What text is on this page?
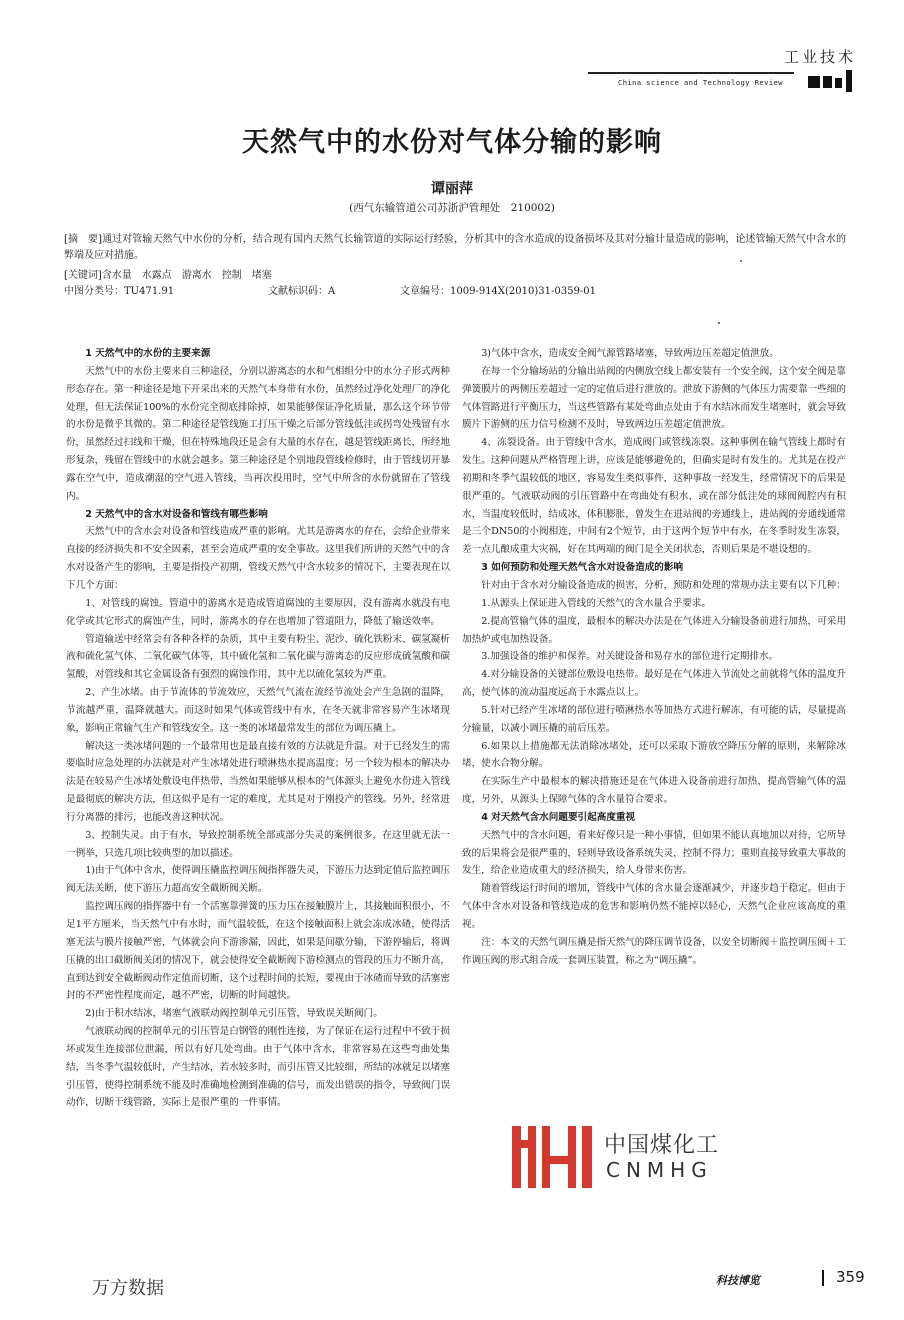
工业技术
China science and Technology Review
天然气中的水份对气体分输的影响
谭丽萍
(西气东输管道公司苏浙沪管理处　210002)
[摘　要]通过对管输天然气中水份的分析，结合现有国内天然气长输管道的实际运行经验，分析其中的含水造成的设备损坏及其对分输计量造成的影响，论述管输天然气中含水的弊端及应对措施。
[关键词]含水量　水露点　游离水　控制　堵塞
中图分类号：TU471.91	文献标识码：A	文章编号：1009-914X(2010)31-0359-01
1 天然气中的水份的主要来源

天然气中的水份主要来自三种途径，分别以游离态的水和气相组分中的水分子形式两种形态存在。第一种途径是地下开采出来的天然气本身带有水份，虽然经过净化处理厂的净化处理，但无法保证100%的水份完全彻底排除掉，如果能够保证净化质量，那么这个环节带的水份是微乎其微的。第二种途径是管线施工打压干燥之后部分管线低洼或拐弯处残留有水份，虽然经过扫线和干燥，但在特殊地段还是会有大量的水存在，越是管线距离长，所经地形复杂，残留在管线中的水就会越多。第三种途径是个别地段管线检修时，由于管线切开暴露在空气中，造成潮湿的空气进入管线，当再次投用时，空气中所含的水份就留在了管线内。

2 天然气中的含水对设备和管线有哪些影响

天然气中的含水会对设备和管线造成严重的影响。尤其是游离水的存在，会给企业带来直接的经济损失和不安全因素，甚至会造成严重的安全事故。这里我们所讲的天然气中的含水对设备产生的影响，主要是指投产初期，管线天然气中含水较多的情况下，主要表现在以下几个方面：

1、对管线的腐蚀。管道中的游离水是造成管道腐蚀的主要原因，没有游离水就没有电化学或其它形式的腐蚀产生，同时，游离水的存在也增加了管道阻力，降低了输送效率。

管道输送中经常会有各种各样的杂质，其中主要有粉尘、泥沙、硫化铁粉末、碳氢凝析液和硫化氢气体、二氧化碳气体等，其中硫化氢和二氧化碳与游离态的反应形成硫氢酸和碳氢酸，对管线和其它金属设备有强烈的腐蚀作用，其中尤以硫化氢较为严重。

2、产生冰堵。由于节流体的节流效应，天然气气流在流经节流处会产生急剧的温降，节流越严重，温降就越大。而这时如果气体或管线中有水，在冬天就非常容易产生冰堵现象，影响正常输气生产和管线安全。这一类的冰堵最常发生的部位为调压撬上。

解决这一类冰堵问题的一个最常用也是最直接有效的方法就是升温。对于已经发生的需要临时应急处理的办法就是对产生冰堵处进行喷淋热水提高温度；另一个较为根本的解决办法是在较易产生冰堵处敷设电伴热带，当然如果能够从根本的气体源头上避免水份进入管线是最彻底的解决方法，但这似乎是有一定的难度，尤其是对于刚投产的管线。另外，经常进行分离器的排污，也能改善这种状况。

3、控制失灵。由于有水，导致控制系统全部或部分失灵的案例很多，在这里就无法一一例举，只选几项比较典型的加以描述。

1)由于气体中含水，使得调压撬监控调压阀指挥器失灵，下游压力达到定值后监控调压阀无法关断，使下游压力超高安全截断阀关断。

监控调压阀的指挥器中有一个活塞靠弹簧的压力压在接触膜片上，其接触面积很小，不足1平方厘米，当天然气中有水时，而气温较低，在这个接触面积上就会冻成冰碴，使得活塞无法与膜片接触严密，气体就会向下游渗漏，因此，如果是间歇分输，下游停输后，将调压撬的出口截断阀关闭的情况下，就会使得安全截断阀下游检测点的管段的压力不断升高，直到达到安全截断阀动作定值而切断，这个过程时间的长短，要视由于冰碴而导致的活塞密封的不严密性程度而定，越不严密，切断的时间越快。

2)由于积水结冰，堵塞气液联动阀控制单元引压管，导致误关断阀门。

气液联动阀的控制单元的引压管是白钢管的刚性连接，为了保证在运行过程中不致于损坏或发生连接部位泄漏，所以有好几处弯曲。由于气体中含水，非常容易在这些弯曲处集结，当冬季气温较低时，产生结冰，若水较多时，而引压管又比较细，所结的冰就足以堵塞引压管，使得控制系统不能及时准确地检测到准确的信号，而发出错误的指令，导致阀门误动作，切断干线管路，实际上是很严重的一件事情。

3)气体中含水，造成安全阀气源管路堵塞，导致两边压差超定值泄放。

在每一个分输场站的分输出站阀的内侧放空线上都安装有一个安全阀，这个安全阀是靠弹簧膜片的两侧压差超过一定的定值后进行泄放的。泄放下游侧的气体压力需要靠一些细的气体管路进行平衡压力，当这些管路有某处弯曲点处由于有水结冰而发生堵塞时，就会导致膜片下游侧的压力信号检测不及时，导致两边压差超定值泄放。

4、冻裂设备。由于管线中含水，造成阀门或管线冻裂。这种事例在输气管线上都时有发生。这种问题从严格管理上讲，应该是能够避免的，但确实是时有发生的。尤其是在投产初期和冬季气温较低的地区，容易发生类似事件，这种事故一经发生，经常情况下的后果是很严重的。气液联动阀的引压管路中在弯曲处有积水，或在部分低洼处的球阀阀腔内有积水，当温度较低时，结成冰，体积膨胀，曾发生在进站阀的旁通线上，进站阀的旁通线通常是三个DN50的小阀相连，中间有2个短节，由于这两个短节中有水，在冬季时发生冻裂，差一点儿酿成重大灾祸，好在其两端的阀门是全关闭状态，否则后果是不堪设想的。

3 如何预防和处理天然气含水对设备造成的影响

针对由于含水对分输设备造成的损害，分析，预防和处理的常规办法主要有以下几种：

1.从源头上保证进入管线的天然气的含水量合乎要求。

2.提高管输气体的温度，最根本的解决办法是在气体进入分输设备前进行加热，可采用加热炉或电加热设备。

3.加强设备的维护和保养。对关键设备和易存水的部位进行定期排水。

4.对分输设备的关键部位敷设电热带。最好是在气体进入节流处之前就将气体的温度升高，使气体的流动温度远高于水露点以上。

5.针对已经产生冰堵的部位进行喷淋热水等加热方式进行解冻，有可能的话，尽量提高分输量，以减小调压撬的前后压差。

6.如果以上措施都无法消除冰堵处，还可以采取下游放空降压分解的原则，来解除冰堵，使水合物分解。

在实际生产中最根本的解决措施还是在气体进入设备前进行加热，提高管输气体的温度，另外，从源头上保障气体的含水量符合要求。

4 对天然气含水问题要引起高度重视

天然气中的含水问题，看来好像只是一种小事情，但如果不能认真地加以对待，它所导致的后果将会是很严重的，轻则导致设备系统失灵，控制不得力；重则直接导致重大事故的发生，给企业造成重大的经济损失，给人身带来伤害。

随着管线运行时间的增加，管线中气体的含水量会逐渐减少，并逐步趋于稳定。但由于气体中含水对设备和管线造成的危害和影响仍然不能掉以轻心，天然气企业应该高度的重视。

注：本文的天然气调压撬是指天然气的降压调节设备，以安全切断阀＋监控调压阀＋工作调压阀的形式组合成一套调压装置，称之为“调压撬”。

中国煤化工
CNMHG
万方数据	科技博览	359
